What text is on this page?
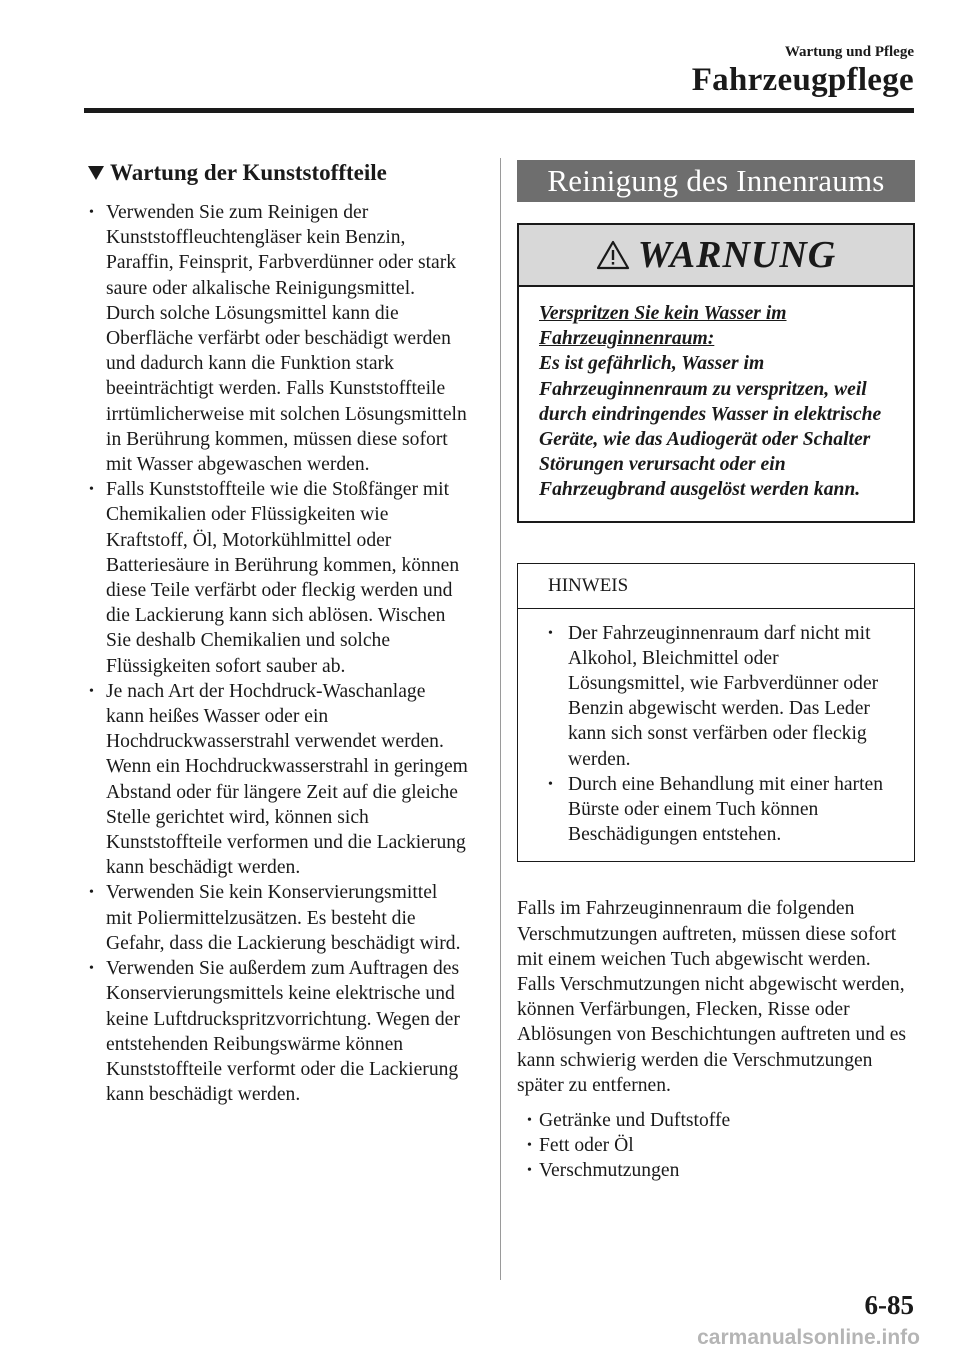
Wartung und Pflege
Fahrzeugpflege
Wartung der Kunststoffteile
• Verwenden Sie zum Reinigen der Kunststoffleuchtengläser kein Benzin, Paraffin, Feinsprit, Farbverdünner oder stark saure oder alkalische Reinigungsmittel. Durch solche Lösungsmittel kann die Oberfläche verfärbt oder beschädigt werden und dadurch kann die Funktion stark beeinträchtigt werden. Falls Kunststoffteile irrtümlicherweise mit solchen Lösungsmitteln in Berührung kommen, müssen diese sofort mit Wasser abgewaschen werden.
• Falls Kunststoffteile wie die Stoßfänger mit Chemikalien oder Flüssigkeiten wie Kraftstoff, Öl, Motorkühlmittel oder Batteriesäure in Berührung kommen, können diese Teile verfärbt oder fleckig werden und die Lackierung kann sich ablösen. Wischen Sie deshalb Chemikalien und solche Flüssigkeiten sofort sauber ab.
• Je nach Art der Hochdruck-Waschanlage kann heißes Wasser oder ein Hochdruckwasserstrahl verwendet werden. Wenn ein Hochdruckwasserstrahl in geringem Abstand oder für längere Zeit auf die gleiche Stelle gerichtet wird, können sich Kunststoffteile verformen und die Lackierung kann beschädigt werden.
• Verwenden Sie kein Konservierungsmittel mit Poliermittelzusätzen. Es besteht die Gefahr, dass die Lackierung beschädigt wird.
• Verwenden Sie außerdem zum Auftragen des Konservierungsmittels keine elektrische und keine Luftdruckspritzvorrichtung. Wegen der entstehenden Reibungswärme können Kunststoffteile verformt oder die Lackierung kann beschädigt werden.
Reinigung des Innenraums
WARNUNG
Verspritzen Sie kein Wasser im Fahrzeuginnenraum:
Es ist gefährlich, Wasser im Fahrzeuginnenraum zu verspritzen, weil durch eindringendes Wasser in elektrische Geräte, wie das Audiogerät oder Schalter Störungen verursacht oder ein Fahrzeugbrand ausgelöst werden kann.
HINWEIS
• Der Fahrzeuginnenraum darf nicht mit Alkohol, Bleichmittel oder Lösungsmittel, wie Farbverdünner oder Benzin abgewischt werden. Das Leder kann sich sonst verfärben oder fleckig werden.
• Durch eine Behandlung mit einer harten Bürste oder einem Tuch können Beschädigungen entstehen.
Falls im Fahrzeuginnenraum die folgenden Verschmutzungen auftreten, müssen diese sofort mit einem weichen Tuch abgewischt werden.
Falls Verschmutzungen nicht abgewischt werden, können Verfärbungen, Flecken, Risse oder Ablösungen von Beschichtungen auftreten und es kann schwierig werden die Verschmutzungen später zu entfernen.
• Getränke und Duftstoffe
• Fett oder Öl
• Verschmutzungen
6-85
carmanualsonline.info
